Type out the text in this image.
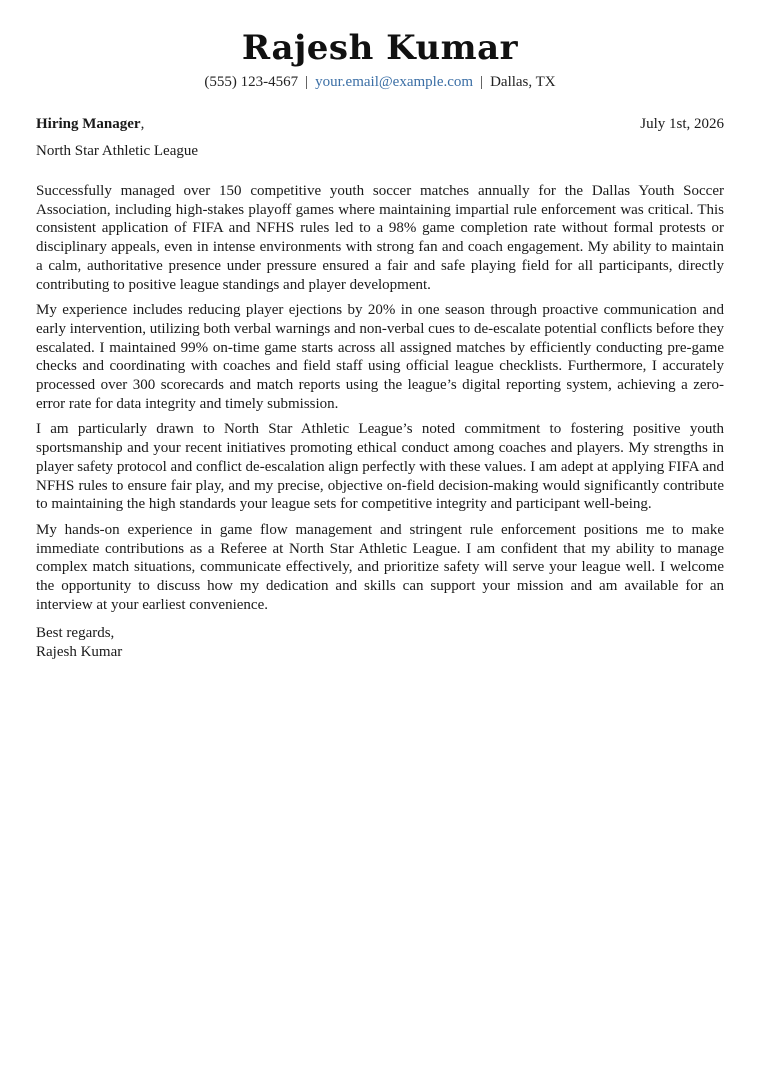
Rajesh Kumar
(555) 123-4567 | your.email@example.com | Dallas, TX
Hiring Manager,	July 1st, 2026
North Star Athletic League

Successfully managed over 150 competitive youth soccer matches annually for the Dallas Youth Soccer Association, including high-stakes playoff games where maintaining impartial rule enforcement was critical. This consistent application of FIFA and NFHS rules led to a 98% game completion rate without formal protests or disciplinary appeals, even in intense environments with strong fan and coach engagement. My ability to maintain a calm, authoritative presence under pressure ensured a fair and safe playing field for all participants, directly contributing to positive league standings and player development.

My experience includes reducing player ejections by 20% in one season through proactive communication and early intervention, utilizing both verbal warnings and non-verbal cues to de-escalate potential conflicts before they escalated. I maintained 99% on-time game starts across all assigned matches by efficiently conducting pre-game checks and coordinating with coaches and field staff using official league checklists. Furthermore, I accurately processed over 300 scorecards and match reports using the league’s digital reporting system, achieving a zero-error rate for data integrity and timely submission.

I am particularly drawn to North Star Athletic League’s noted commitment to fostering positive youth sportsmanship and your recent initiatives promoting ethical conduct among coaches and players. My strengths in player safety protocol and conflict de-escalation align perfectly with these values. I am adept at applying FIFA and NFHS rules to ensure fair play, and my precise, objective on-field decision-making would significantly contribute to maintaining the high standards your league sets for competitive integrity and participant well-being.

My hands-on experience in game flow management and stringent rule enforcement positions me to make immediate contributions as a Referee at North Star Athletic League. I am confident that my ability to manage complex match situations, communicate effectively, and prioritize safety will serve your league well. I welcome the opportunity to discuss how my dedication and skills can support your mission and am available for an interview at your earliest convenience.

Best regards,
Rajesh Kumar
